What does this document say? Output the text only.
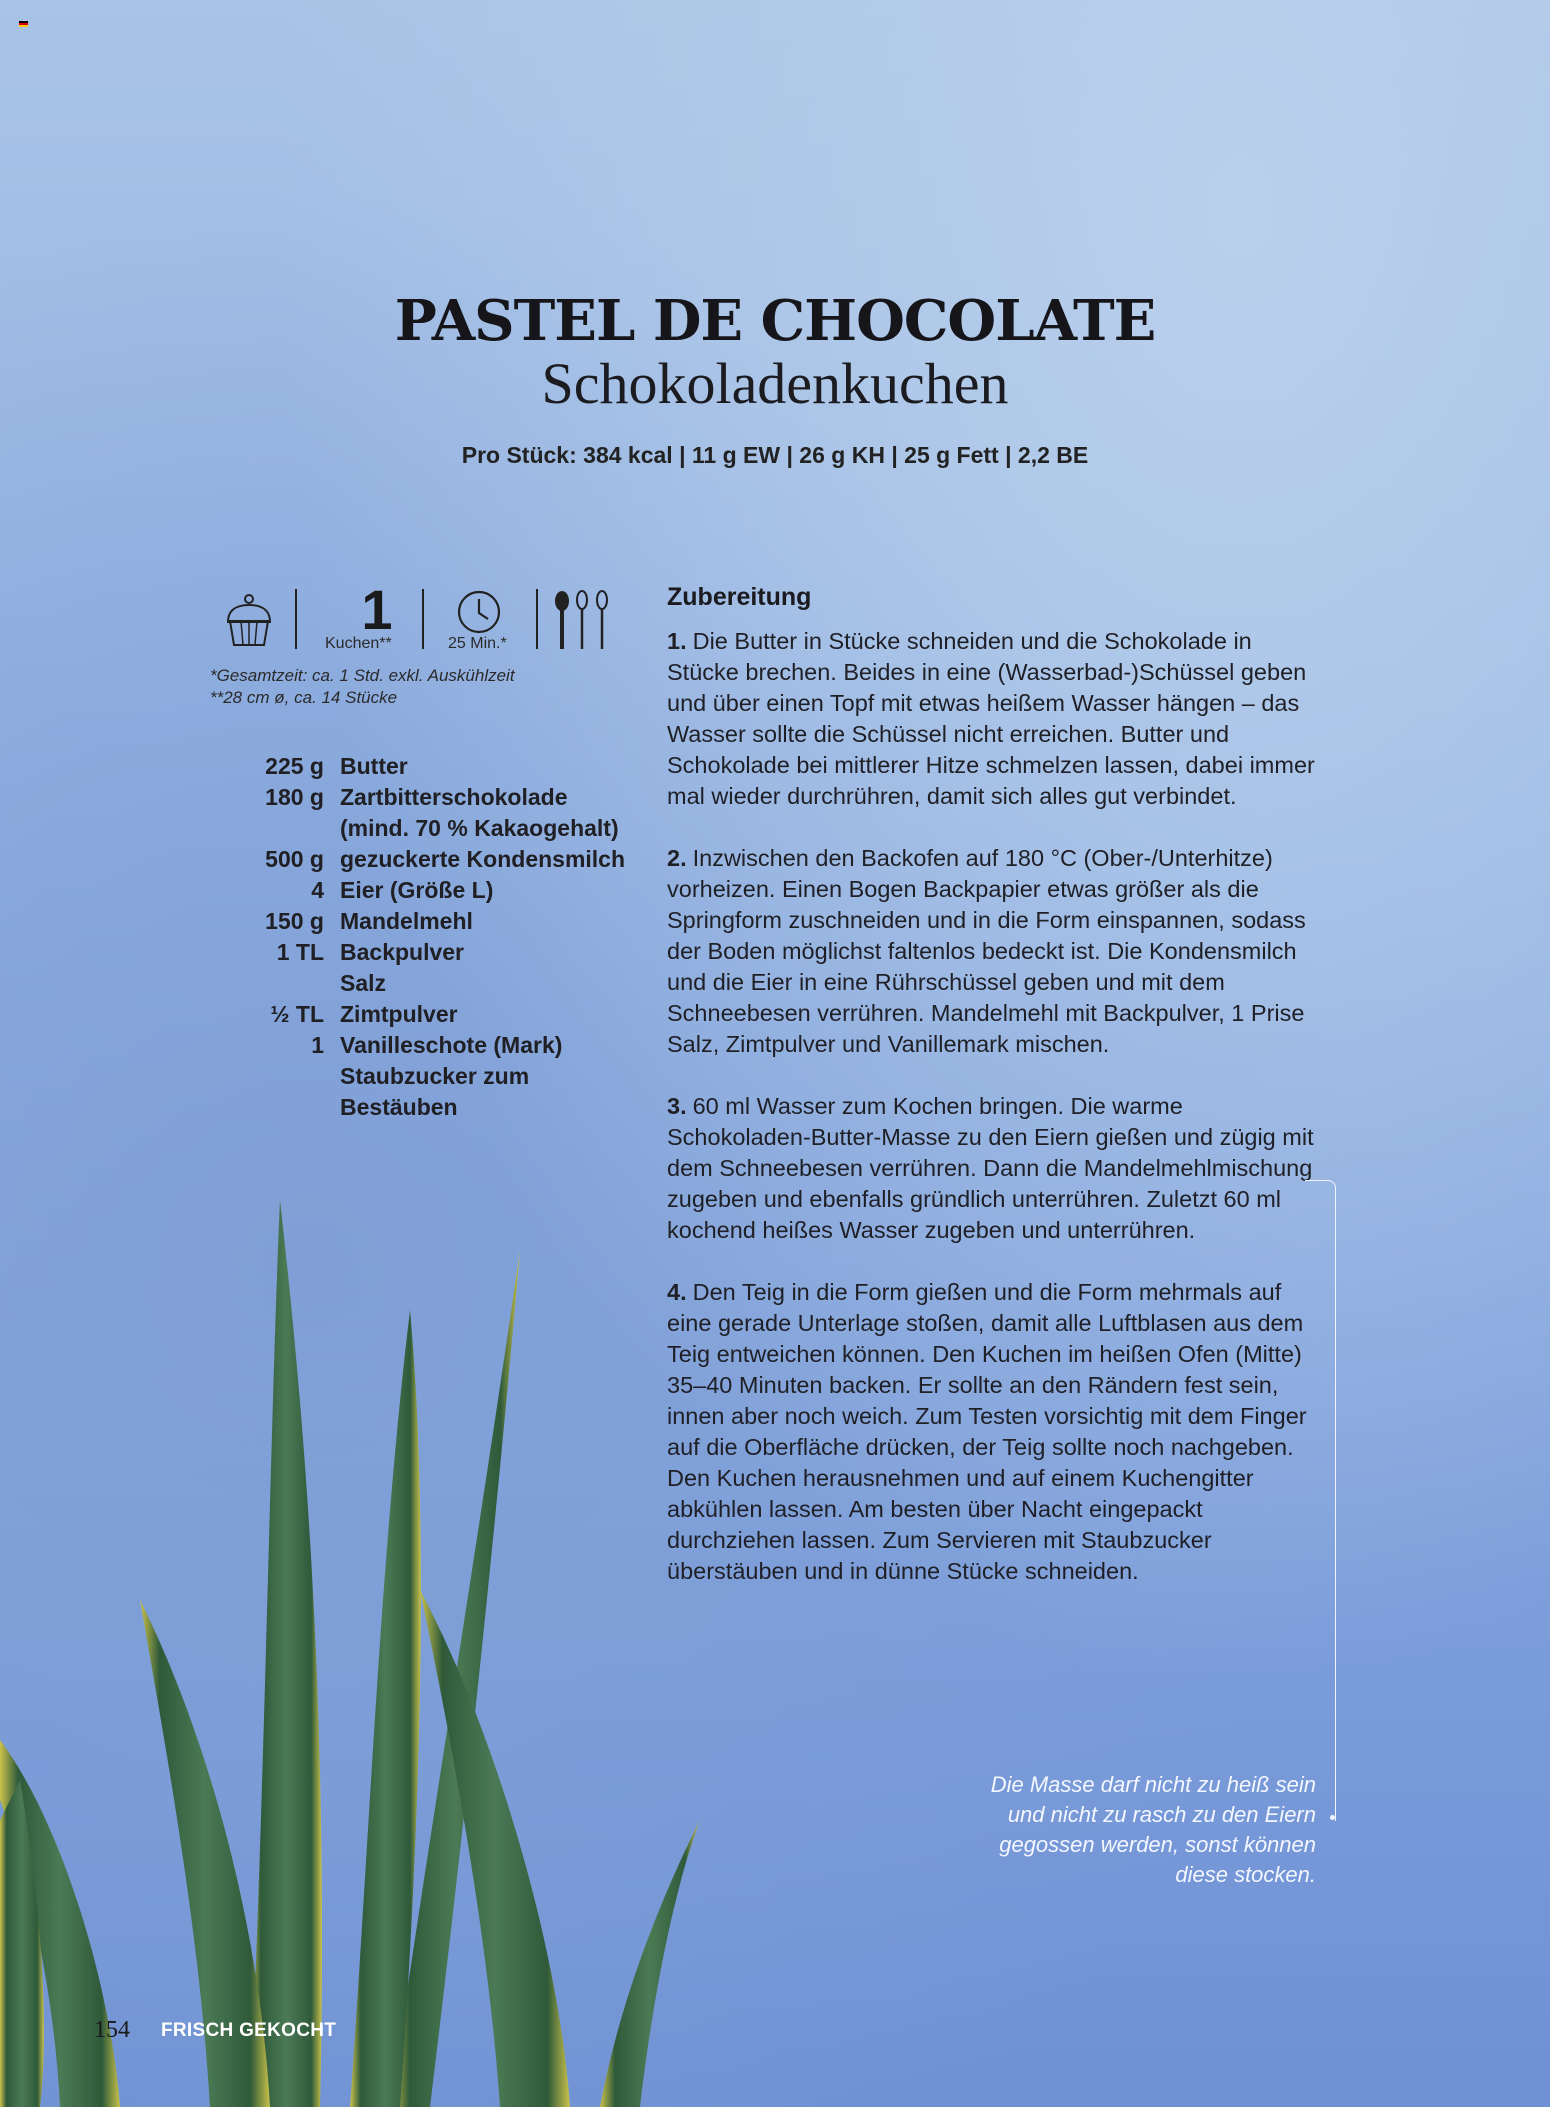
PASTEL DE CHOCOLATE
Schokoladenkuchen
Pro Stück: 384 kcal | 11 g EW | 26 g KH | 25 g Fett | 2,2 BE
1
Kuchen**	25 Min.*
*Gesamtzeit: ca. 1 Std. exkl. Auskühlzeit
**28 cm ø, ca. 14 Stücke
225 g Butter
180 g Zartbitterschokolade
(mind. 70 % Kakaogehalt)
500 g gezuckerte Kondensmilch
4 Eier (Größe L)
150 g Mandelmehl
1 TL Backpulver
Salz
½ TL Zimtpulver
1 Vanilleschote (Mark)
Staubzucker zum
Bestäuben
Zubereitung
1. Die Butter in Stücke schneiden und die Schokolade in Stücke brechen. Beides in eine (Wasserbad-)Schüssel geben und über einen Topf mit etwas heißem Wasser hängen – das Wasser sollte die Schüssel nicht erreichen. Butter und Schokolade bei mittlerer Hitze schmelzen lassen, dabei immer mal wieder durchrühren, damit sich alles gut verbindet.
2. Inzwischen den Backofen auf 180 °C (Ober-/Unterhitze) vorheizen. Einen Bogen Backpapier etwas größer als die Springform zuschneiden und in die Form einspannen, sodass der Boden möglichst faltenlos bedeckt ist. Die Kondensmilch und die Eier in eine Rührschüssel geben und mit dem Schneebesen verrühren. Mandelmehl mit Backpulver, 1 Prise Salz, Zimtpulver und Vanillemark mischen.
3. 60 ml Wasser zum Kochen bringen. Die warme Schokoladen-Butter-Masse zu den Eiern gießen und zügig mit dem Schneebesen verrühren. Dann die Mandelmehlmischung zugeben und ebenfalls gründlich unterrühren. Zuletzt 60 ml kochend heißes Wasser zugeben und unterrühren.
4. Den Teig in die Form gießen und die Form mehrmals auf eine gerade Unterlage stoßen, damit alle Luftblasen aus dem Teig entweichen können. Den Kuchen im heißen Ofen (Mitte) 35–40 Minuten backen. Er sollte an den Rändern fest sein, innen aber noch weich. Zum Testen vorsichtig mit dem Finger auf die Oberfläche drücken, der Teig sollte noch nachgeben. Den Kuchen herausnehmen und auf einem Kuchengitter abkühlen lassen. Am besten über Nacht eingepackt durchziehen lassen. Zum Servieren mit Staubzucker überstäuben und in dünne Stücke schneiden.
Die Masse darf nicht zu heiß sein und nicht zu rasch zu den Eiern gegossen werden, sonst können diese stocken.
154 FRISCH GEKOCHT
